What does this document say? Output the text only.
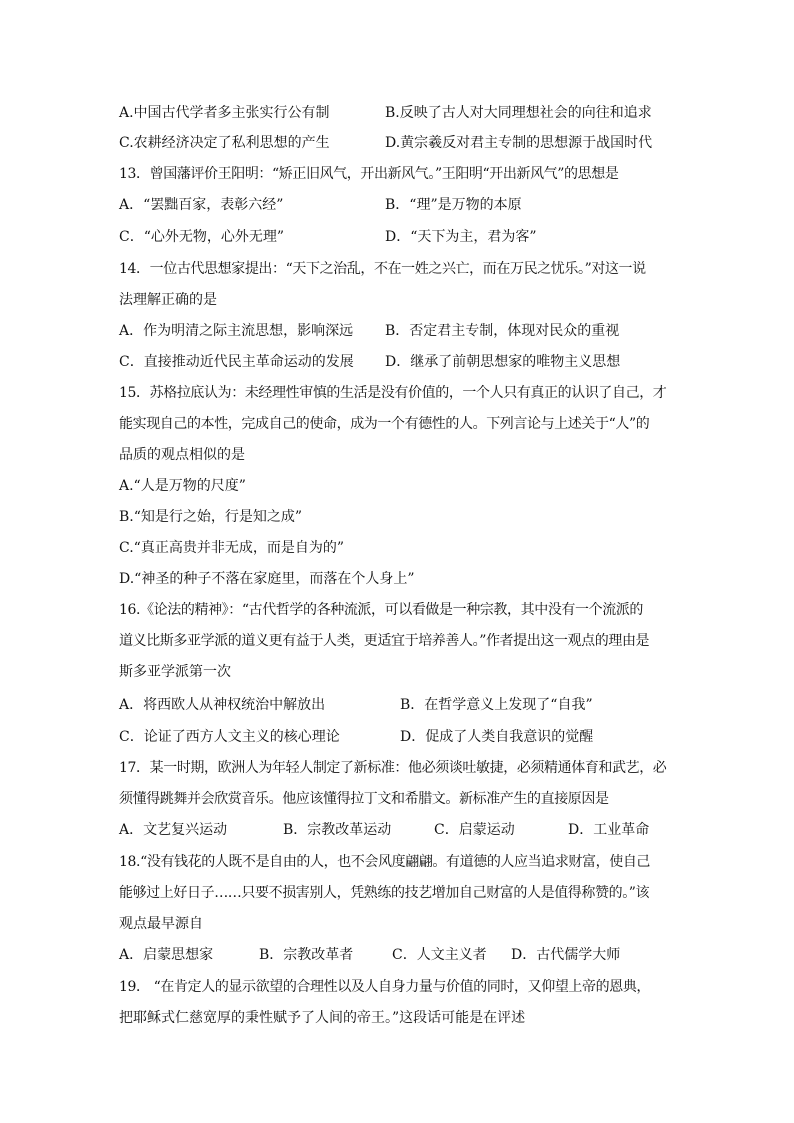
A.中国古代学者多主张实行公有制	B.反映了古人对大同理想社会的向往和追求
C.农耕经济决定了私利思想的产生	D.黄宗羲反对君主专制的思想源于战国时代
13．曾国藩评价王阳明：“矫正旧风气，开出新风气。”王阳明“开出新风气”的思想是
A．“罢黜百家，表彰六经”	B．“理”是万物的本原
C．“心外无物，心外无理”	D．“天下为主，君为客”
14．一位古代思想家提出：“天下之治乱，不在一姓之兴亡，而在万民之忧乐。”对这一说
法理解正确的是
A．作为明清之际主流思想，影响深远 B．否定君主专制，体现对民众的重视
C．直接推动近代民主革命运动的发展 D．继承了前朝思想家的唯物主义思想
15．苏格拉底认为：未经理性审慎的生活是没有价值的，一个人只有真正的认识了自己，才
能实现自己的本性，完成自己的使命，成为一个有德性的人。下列言论与上述关于“人”的
品质的观点相似的是
A.“人是万物的尺度”
B.“知是行之始，行是知之成”
C.“真正高贵并非无成，而是自为的”
D.“神圣的种子不落在家庭里，而落在个人身上”
16.《论法的精神》：“古代哲学的各种流派，可以看做是一种宗教，其中没有一个流派的
道义比斯多亚学派的道义更有益于人类，更适宜于培养善人。”作者提出这一观点的理由是
斯多亚学派第一次
A．将西欧人从神权统治中解放出	B．在哲学意义上发现了“自我”
C．论证了西方人文主义的核心理论	D．促成了人类自我意识的觉醒
17．某一时期，欧洲人为年轻人制定了新标准：他必须谈吐敏捷，必须精通体育和武艺，必
须懂得跳舞并会欣赏音乐。他应该懂得拉丁文和希腊文。新标准产生的直接原因是
A．文艺复兴运动	B．宗教改革运动	C．启蒙运动	D．工业革命
18.“没有钱花的人既不是自由的人，也不会风度翩翩。有道德的人应当追求财富，使自己
能够过上好日子……只要不损害别人，凭熟练的技艺增加自己财富的人是值得称赞的。”该
观点最早源自
A．启蒙思想家	B．宗教改革者	C．人文主义者 D．古代儒学大师
19． “在肯定人的显示欲望的合理性以及人自身力量与价值的同时，又仰望上帝的恩典，
把耶稣式仁慈宽厚的秉性赋予了人间的帝王。”这段话可能是在评述
